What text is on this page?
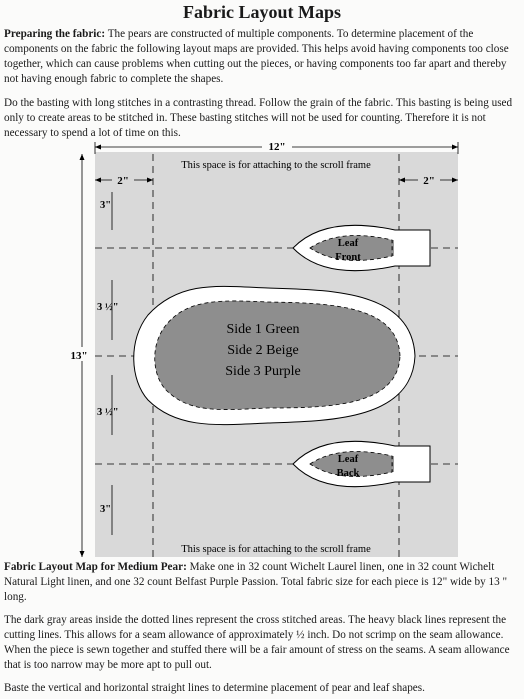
Fabric Layout Maps

Preparing the fabric: The pears are constructed of multiple components. To determine placement of the components on the fabric the following layout maps are provided. This helps avoid having components too close together, which can cause problems when cutting out the pieces, or having components too far apart and thereby not having enough fabric to complete the shapes.

Do the basting with long stitches in a contrasting thread. Follow the grain of the fabric. This basting is being used only to create areas to be stitched in. These basting stitches will not be used for counting. Therefore it is not necessary to spend a lot of time on this.

12"
2"	2"
This space is for attaching to the scroll frame
This space is for attaching to the scroll frame
13"
3"
3 ½"
3 ½"
3"
Leaf
Front
Side 1 Green
Side 2 Beige
Side 3 Purple
Leaf
Back

Fabric Layout Map for Medium Pear: Make one in 32 count Wichelt Laurel linen, one in 32 count Wichelt Natural Light linen, and one 32 count Belfast Purple Passion. Total fabric size for each piece is 12" wide by 13 " long.

The dark gray areas inside the dotted lines represent the cross stitched areas. The heavy black lines represent the cutting lines. This allows for a seam allowance of approximately ½ inch. Do not scrimp on the seam allowance. When the piece is sewn together and stuffed there will be a fair amount of stress on the seams. A seam allowance that is too narrow may be more apt to pull out.

Baste the vertical and horizontal straight lines to determine placement of pear and leaf shapes.
